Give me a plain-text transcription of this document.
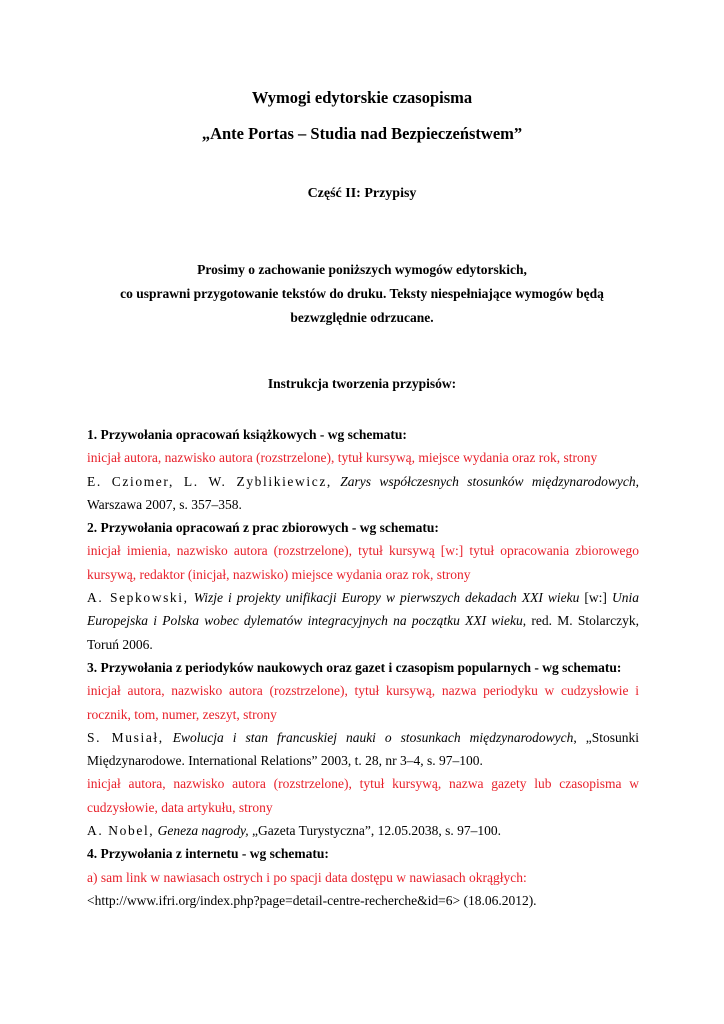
Wymogi edytorskie czasopisma
„Ante Portas – Studia nad Bezpieczeństwem”
Część II: Przypisy
Prosimy o zachowanie poniższych wymogów edytorskich,
co usprawni przygotowanie tekstów do druku. Teksty niespełniające wymogów będą
bezwzględnie odrzucane.
Instrukcja tworzenia przypisów:

1. Przywołania opracowań książkowych - wg schematu:

inicjał autora, nazwisko autora (rozstrzelone), tytuł kursywą, miejsce wydania oraz rok, strony

E. Cziomer, L. W. Zyblikiewicz, Zarys współczesnych stosunków międzynarodowych, Warszawa 2007, s. 357–358.

2. Przywołania opracowań z prac zbiorowych - wg schematu:

inicjał imienia, nazwisko autora (rozstrzelone), tytuł kursywą [w:] tytuł opracowania zbiorowego kursywą, redaktor (inicjał, nazwisko) miejsce wydania oraz rok, strony

A. Sepkowski, Wizje i projekty unifikacji Europy w pierwszych dekadach XXI wieku [w:] Unia Europejska i Polska wobec dylematów integracyjnych na początku XXI wieku, red. M. Stolarczyk, Toruń 2006.

3. Przywołania z periodyków naukowych oraz gazet i czasopism popularnych - wg schematu:

inicjał autora, nazwisko autora (rozstrzelone), tytuł kursywą, nazwa periodyku w cudzysłowie i rocznik, tom, numer, zeszyt, strony

S. Musiał, Ewolucja i stan francuskiej nauki o stosunkach międzynarodowych, „Stosunki Międzynarodowe. International Relations” 2003, t. 28, nr 3–4, s. 97–100.

inicjał autora, nazwisko autora (rozstrzelone), tytuł kursywą, nazwa gazety lub czasopisma w cudzysłowie, data artykułu, strony

A. Nobel, Geneza nagrody, „Gazeta Turystyczna”, 12.05.2038, s. 97–100.

4. Przywołania z internetu - wg schematu:

a) sam link w nawiasach ostrych i po spacji data dostępu w nawiasach okrągłych:

<http://www.ifri.org/index.php?page=detail-centre-recherche&id=6> (18.06.2012).
